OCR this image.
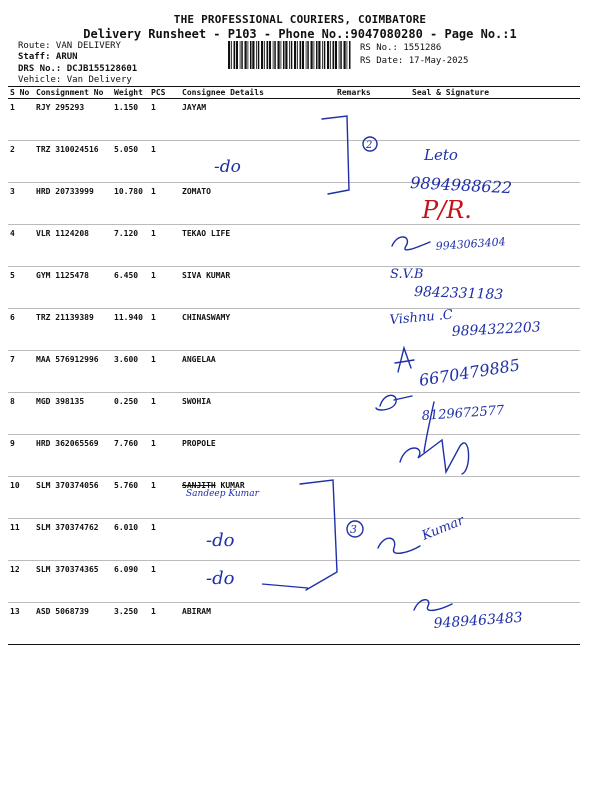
THE PROFESSIONAL COURIERS, COIMBATORE
Delivery Runsheet - P103 - Phone No.:9047080280 - Page No.:1
Route: VAN DELIVERY
Staff: ARUN
DRS No.: DCJB155128601
Vehicle: Van Delivery
RS No.: 1551286
RS Date: 17-May-2025
S No	Consignment No	Weight	PCS	Consignee Details	Remarks	Seal & Signature
1	RJY 295293	1.150	1	JAYAM		
2	TRZ 310024516	5.050	1			
3	HRD 20733999	10.780	1	ZOMATO		
4	VLR 1124208	7.120	1	TEKAO LIFE		
5	GYM 1125478	6.450	1	SIVA KUMAR		
6	TRZ 21139389	11.940	1	CHINASWAMY		
7	MAA 576912996	3.600	1	ANGELAA		
8	MGD 398135	0.250	1	SWOHIA		
9	HRD 362065569	7.760	1	PROPOLE		
10	SLM 370374056	5.760	1	SANJITH KUMAR		
11	SLM 370374762	6.010	1			
12	SLM 370374365	6.090	1			
13	ASD 5068739	3.250	1	ABIRAM		
-do
2
Leto
9894988622
9943063404
S.V.B
9842331183
Vishnu .C
9894322203
6670479885
8129672577
Sandeep Kumar
-do
3	Kumar
-do
9489463483
P/R.
